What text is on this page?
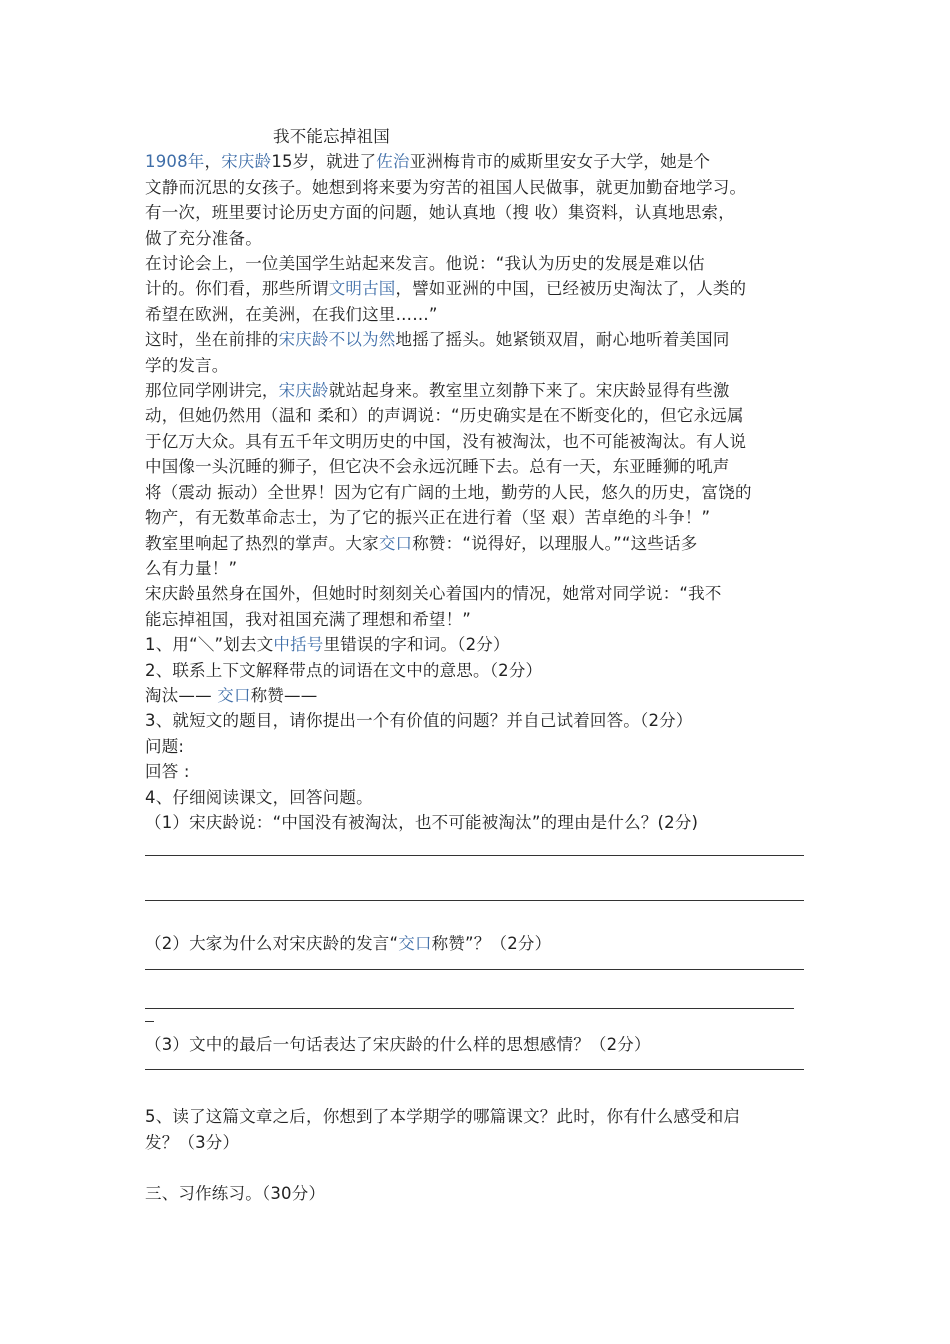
我不能忘掉祖国
1908年，宋庆龄15岁，就进了佐治亚洲梅肯市的威斯里安女子大学，她是个
文静而沉思的女孩子。她想到将来要为穷苦的祖国人民做事，就更加勤奋地学习。
有一次，班里要讨论历史方面的问题，她认真地（搜 收）集资料，认真地思索，
做了充分准备。
在讨论会上，一位美国学生站起来发言。他说：“我认为历史的发展是难以估
计的。你们看，那些所谓文明古国，譬如亚洲的中国，已经被历史淘汰了，人类的
希望在欧洲，在美洲，在我们这里……”
这时，坐在前排的宋庆龄不以为然地摇了摇头。她紧锁双眉，耐心地听着美国同
学的发言。
那位同学刚讲完，宋庆龄就站起身来。教室里立刻静下来了。宋庆龄显得有些激
动，但她仍然用（温和 柔和）的声调说：“历史确实是在不断变化的，但它永远属
于亿万大众。具有五千年文明历史的中国，没有被淘汰，也不可能被淘汰。有人说
中国像一头沉睡的狮子，但它决不会永远沉睡下去。总有一天，东亚睡狮的吼声
将（震动 振动）全世界！因为它有广阔的土地，勤劳的人民，悠久的历史，富饶的
物产，有无数革命志士，为了它的振兴正在进行着（坚 艰）苦卓绝的斗争！”
教室里响起了热烈的掌声。大家交口称赞：“说得好，以理服人。”“这些话多
么有力量！”
宋庆龄虽然身在国外，但她时时刻刻关心着国内的情况，她常对同学说：“我不
能忘掉祖国，我对祖国充满了理想和希望！”
1、用“＼”划去文中括号里错误的字和词。（2分）
2、联系上下文解释带点的词语在文中的意思。（2分）
淘汰—— 交口称赞——
3、就短文的题目，请你提出一个有价值的问题？并自己试着回答。（2分）
问题:
回答 :
4、仔细阅读课文，回答问题。
（1）宋庆龄说：“中国没有被淘汰，也不可能被淘汰”的理由是什么？(2分)
（2）大家为什么对宋庆龄的发言“交口称赞”？（2分）
（3）文中的最后一句话表达了宋庆龄的什么样的思想感情？（2分）
5、读了这篇文章之后，你想到了本学期学的哪篇课文？此时，你有什么感受和启
发？（3分）
三、习作练习。（30分）
